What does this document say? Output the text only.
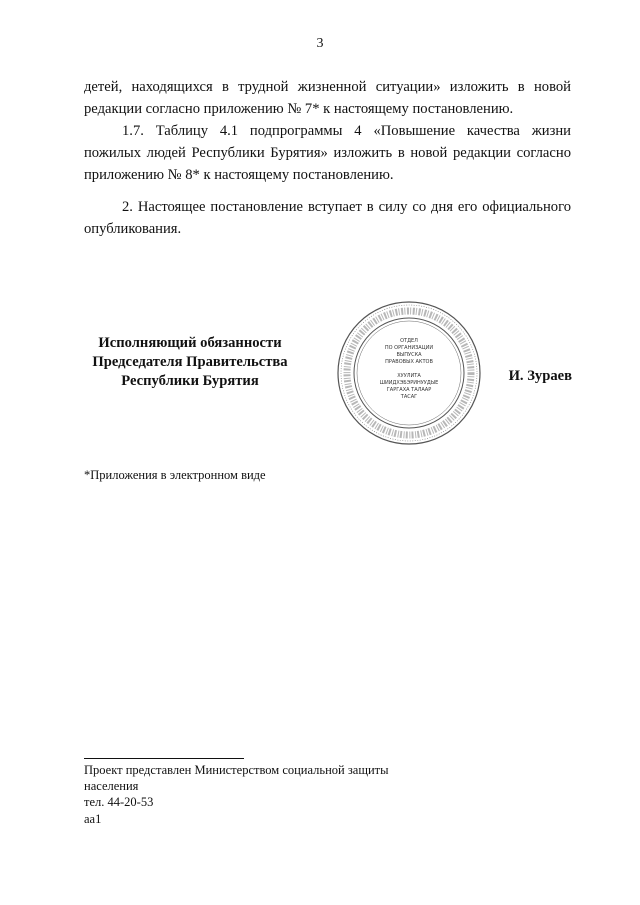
3
детей, находящихся в трудной жизненной ситуации» изложить в новой редакции согласно приложению № 7* к настоящему постановлению.
1.7. Таблицу 4.1 подпрограммы 4 «Повышение качества жизни пожилых людей Республики Бурятия» изложить в новой редакции согласно приложению № 8* к настоящему постановлению.
2. Настоящее постановление вступает в силу со дня его официального опубликования.
Исполняющий обязанности
Председателя Правительства
Республики Бурятия
ОТДЕЛ
ПО ОРГАНИЗАЦИИ
ВЫПУСКА
ПРАВОВЫХ АКТОВ
ХУУЛИТА
ШИИДХЭБЭРИНУУДЫЕ
ГАРГАХА ТАЛААР
ТАСАГ
И. Зураев
*Приложения в электронном виде
Проект представлен Министерством социальной защиты
населения
тел. 44-20-53
аа1
